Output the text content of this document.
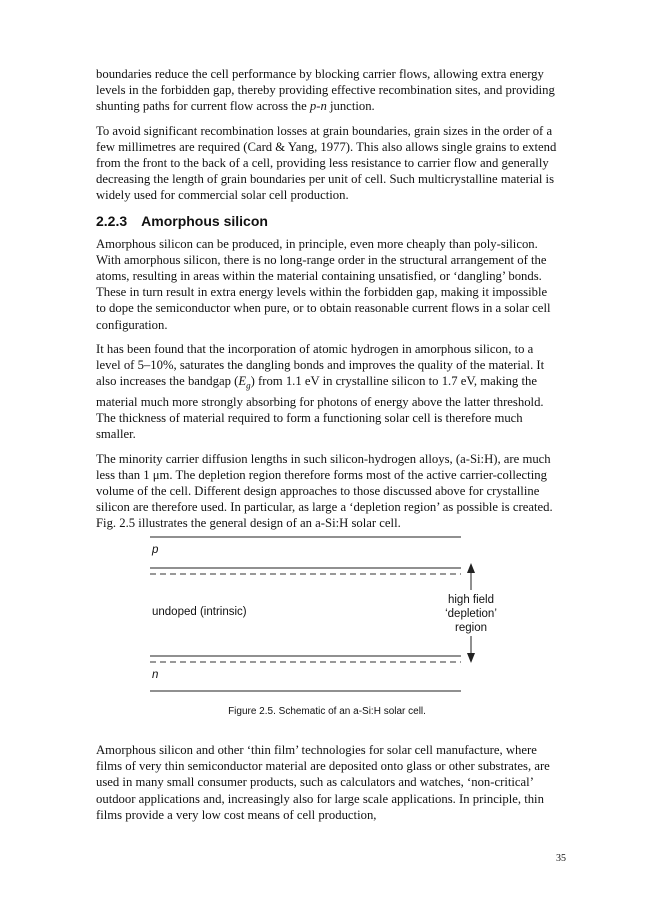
boundaries reduce the cell performance by blocking carrier flows, allowing extra energy levels in the forbidden gap, thereby providing effective recombination sites, and providing shunting paths for current flow across the p-n junction.

To avoid significant recombination losses at grain boundaries, grain sizes in the order of a few millimetres are required (Card & Yang, 1977). This also allows single grains to extend from the front to the back of a cell, providing less resistance to carrier flow and generally decreasing the length of grain boundaries per unit of cell. Such multicrystalline material is widely used for commercial solar cell production.

2.2.3 Amorphous silicon

Amorphous silicon can be produced, in principle, even more cheaply than poly-silicon. With amorphous silicon, there is no long-range order in the structural arrangement of the atoms, resulting in areas within the material containing unsatisfied, or ‘dangling’ bonds. These in turn result in extra energy levels within the forbidden gap, making it impossible to dope the semiconductor when pure, or to obtain reasonable current flows in a solar cell configuration.

It has been found that the incorporation of atomic hydrogen in amorphous silicon, to a level of 5–10%, saturates the dangling bonds and improves the quality of the material. It also increases the bandgap $(E_g)$ from 1.1 eV in crystalline silicon to 1.7 eV, making the material much more strongly absorbing for photons of energy above the latter threshold. The thickness of material required to form a functioning solar cell is therefore much smaller.

The minority carrier diffusion lengths in such silicon-hydrogen alloys, (a-Si:H), are much less than 1 μm. The depletion region therefore forms most of the active carrier-collecting volume of the cell. Different design approaches to those discussed above for crystalline silicon are therefore used. In particular, as large a ‘depletion region’ as possible is created. Fig. 2.5 illustrates the general design of an a-Si:H solar cell.

p
undoped (intrinsic)
n
high field
‘depletion’
region
Figure 2.5. Schematic of an a-Si:H solar cell.

Amorphous silicon and other ‘thin film’ technologies for solar cell manufacture, where films of very thin semiconductor material are deposited onto glass or other substrates, are used in many small consumer products, such as calculators and watches, ‘non-critical’ outdoor applications and, increasingly also for large scale applications. In principle, thin films provide a very low cost means of cell production,

35
